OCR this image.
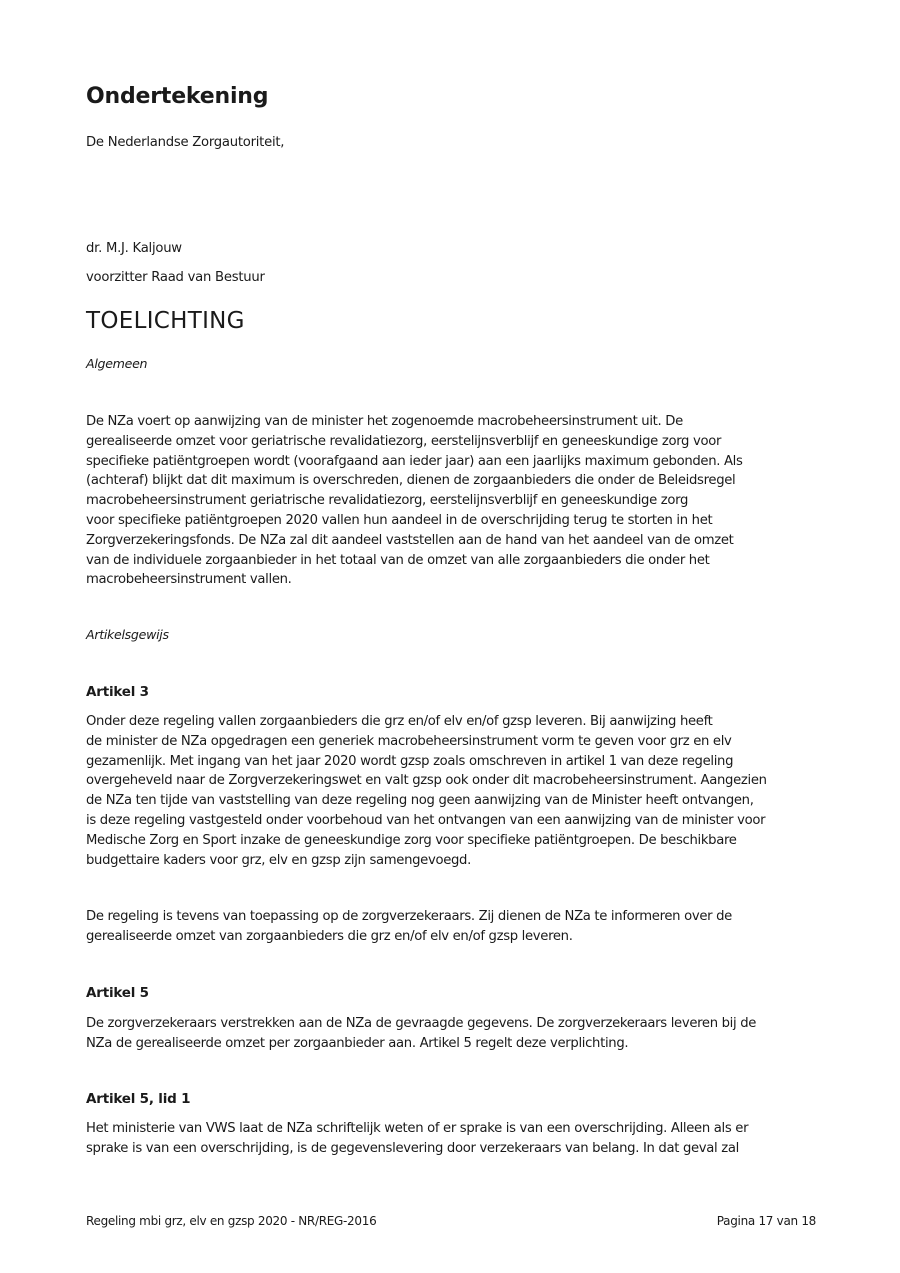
Ondertekening

De Nederlandse Zorgautoriteit,

dr. M.J. Kaljouw

voorzitter Raad van Bestuur

TOELICHTING

Algemeen

De NZa voert op aanwijzing van de minister het zogenoemde macrobeheersinstrument uit. De
gerealiseerde omzet voor geriatrische revalidatiezorg, eerstelijnsverblijf en geneeskundige zorg voor
specifieke patiëntgroepen wordt (voorafgaand aan ieder jaar) aan een jaarlijks maximum gebonden. Als
(achteraf) blijkt dat dit maximum is overschreden, dienen de zorgaanbieders die onder de Beleidsregel
macrobeheersinstrument geriatrische revalidatiezorg, eerstelijnsverblijf en geneeskundige zorg
voor specifieke patiëntgroepen 2020 vallen hun aandeel in de overschrijding terug te storten in het
Zorgverzekeringsfonds. De NZa zal dit aandeel vaststellen aan de hand van het aandeel van de omzet
van de individuele zorgaanbieder in het totaal van de omzet van alle zorgaanbieders die onder het
macrobeheersinstrument vallen.

Artikelsgewijs

Artikel 3
Onder deze regeling vallen zorgaanbieders die grz en/of elv en/of gzsp leveren. Bij aanwijzing heeft
de minister de NZa opgedragen een generiek macrobeheersinstrument vorm te geven voor grz en elv
gezamenlijk. Met ingang van het jaar 2020 wordt gzsp zoals omschreven in artikel 1 van deze regeling
overgeheveld naar de Zorgverzekeringswet en valt gzsp ook onder dit macrobeheersinstrument. Aangezien
de NZa ten tijde van vaststelling van deze regeling nog geen aanwijzing van de Minister heeft ontvangen,
is deze regeling vastgesteld onder voorbehoud van het ontvangen van een aanwijzing van de minister voor
Medische Zorg en Sport inzake de geneeskundige zorg voor specifieke patiëntgroepen. De beschikbare
budgettaire kaders voor grz, elv en gzsp zijn samengevoegd.
De regeling is tevens van toepassing op de zorgverzekeraars. Zij dienen de NZa te informeren over de
gerealiseerde omzet van zorgaanbieders die grz en/of elv en/of gzsp leveren.
Artikel 5
De zorgverzekeraars verstrekken aan de NZa de gevraagde gegevens. De zorgverzekeraars leveren bij de
NZa de gerealiseerde omzet per zorgaanbieder aan. Artikel 5 regelt deze verplichting.
Artikel 5, lid 1
Het ministerie van VWS laat de NZa schriftelijk weten of er sprake is van een overschrijding. Alleen als er
sprake is van een overschrijding, is de gegevenslevering door verzekeraars van belang. In dat geval zal
Regeling mbi grz, elv en gzsp 2020 - NR/REG-2016	Pagina 17 van 18
